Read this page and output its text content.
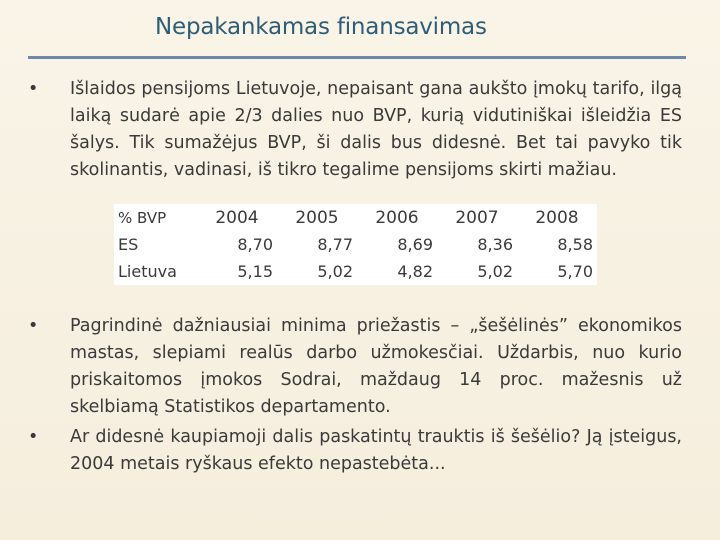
Nepakankamas finansavimas
• Išlaidos pensijoms Lietuvoje, nepaisant gana aukšto įmokų tarifo, ilgą laiką sudarė apie 2/3 dalies nuo BVP, kurią vidutiniškai išleidžia ES šalys. Tik sumažėjus BVP, ši dalis bus didesnė. Bet tai pavyko tik skolinantis, vadinasi, iš tikro tegalime pensijoms skirti mažiau.
% BVP	2004	2005	2006	2007	2008
ES	8,70	8,77	8,69	8,36	8,58
Lietuva	5,15	5,02	4,82	5,02	5,70
• Pagrindinė dažniausiai minima priežastis – „šešėlinės” ekonomikos mastas, slepiami realūs darbo užmokesčiai. Uždarbis, nuo kurio priskaitomos įmokos Sodrai, maždaug 14 proc. mažesnis už skelbiamą Statistikos departamento.
• Ar didesnė kaupiamoji dalis paskatintų trauktis iš šešėlio? Ją įsteigus, 2004 metais ryškaus efekto nepastebėta...
